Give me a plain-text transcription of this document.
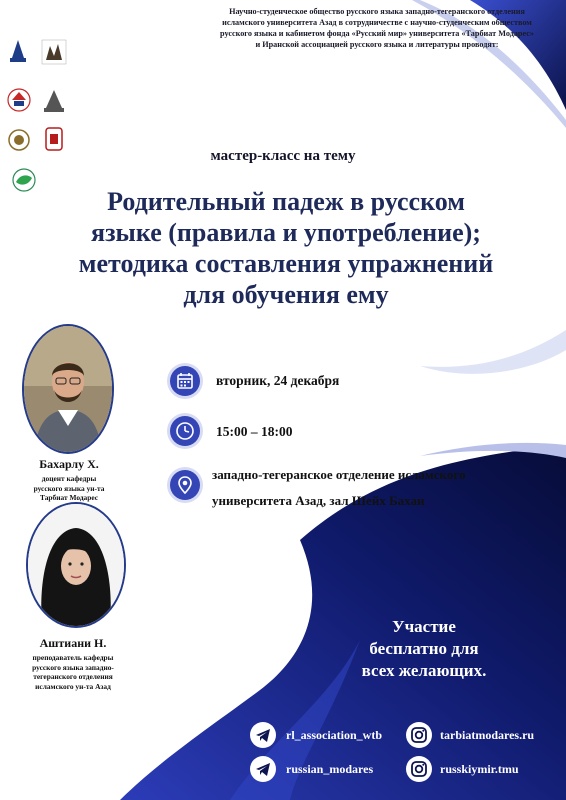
Научно-студенческое общество русского языка западно-тегеранского отделения
исламского университета Азад в сотрудничестве с научно-студенческим обществом
русского языка и кабинетом фонда «Русский мир» университета «Тарбиат Модарес»
и Иранской ассоциацией русского языка и литературы проводят:
мастер-класс на тему
Родительный падеж в русском
языке (правила и употребление);
методика составления упражнений
для обучения ему
Бахарлу Х.
доцент кафедры
русского языка ун-та
Тарбиат Модарес
Аштиани Н.
преподаватель кафедры
русского языка западно-
тегеранского отделения
исламского ун-та Азад
вторник, 24 декабря
15:00 – 18:00
западно-тегеранское отделение исламского
университета Азад, зал Шейх Бахаи
Участие
бесплатно для
всех желающих.
rl_association_wtb
russian_modares
tarbiatmodares.ru
russkiymir.tmu
